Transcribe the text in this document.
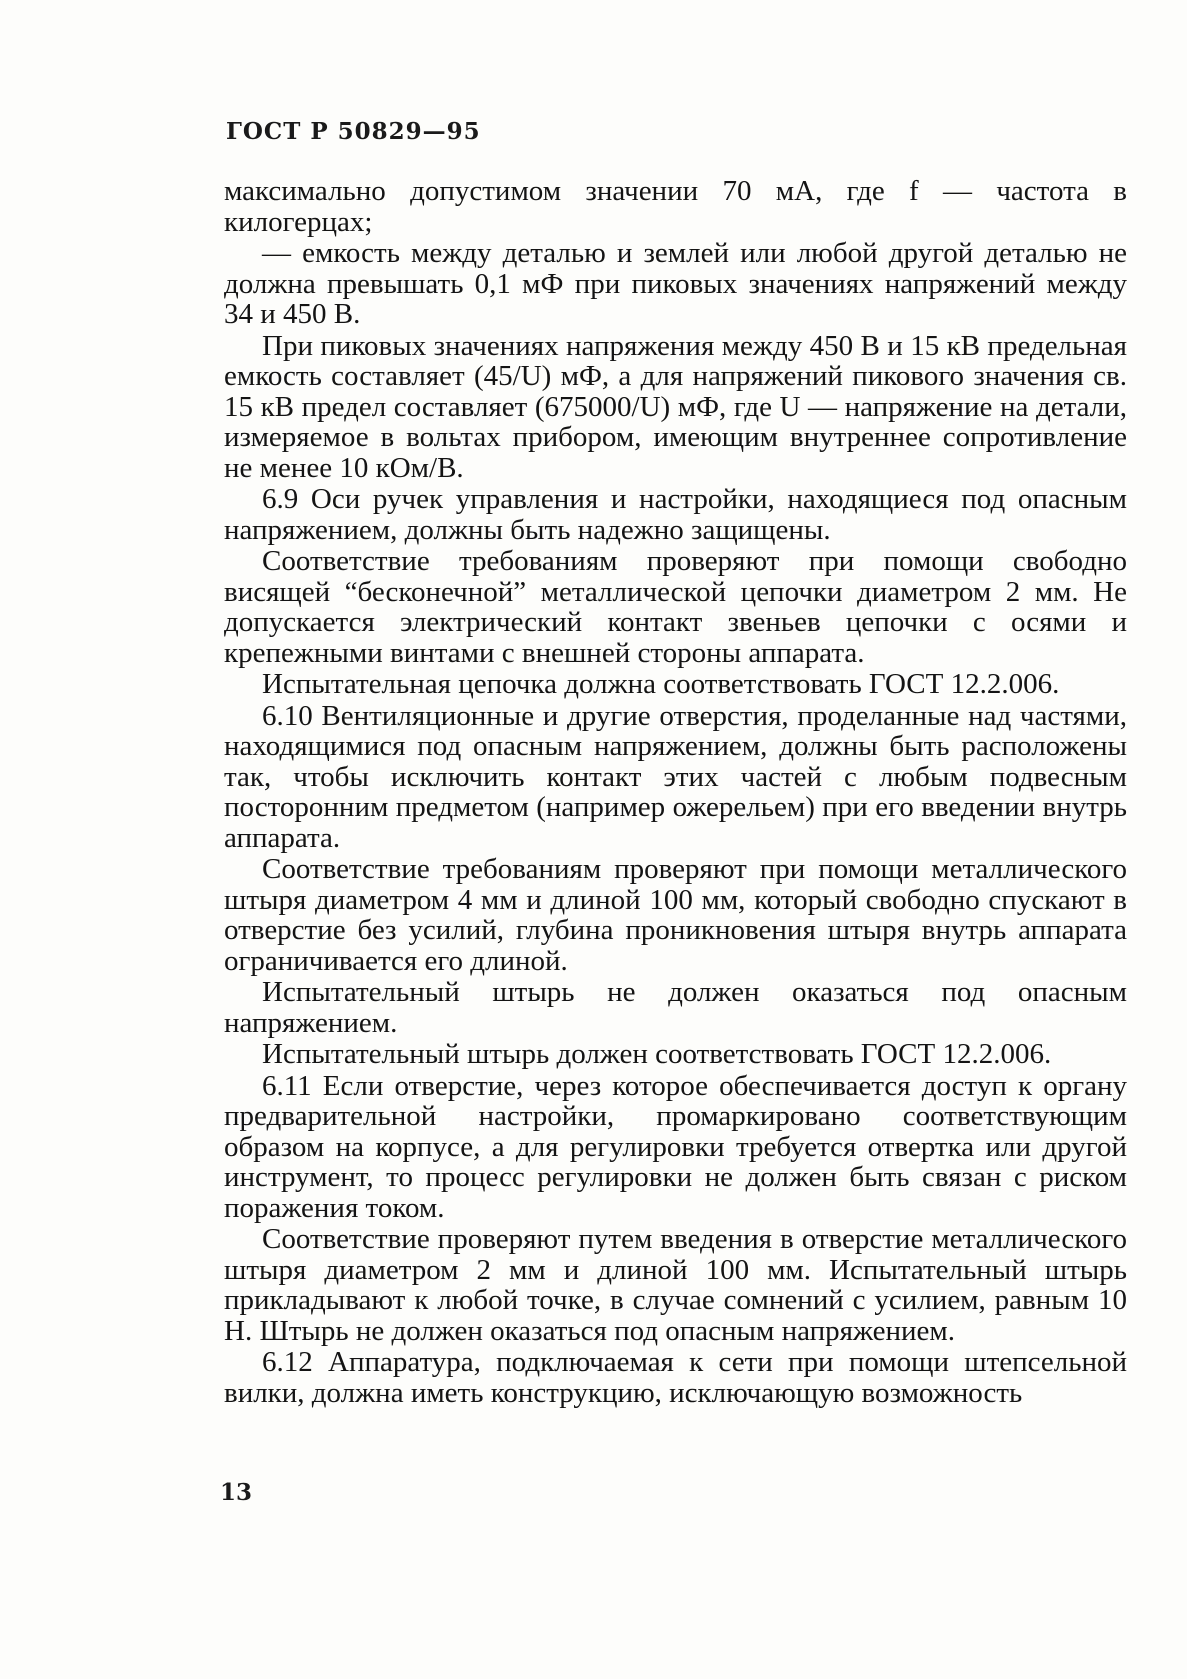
ГОСТ Р 50829—95

максимально допустимом значении 70 мА, где f — частота в килогерцах;

— емкость между деталью и землей или любой другой деталью не должна превышать 0,1 мФ при пиковых значениях напряжений между 34 и 450 В.

При пиковых значениях напряжения между 450 В и 15 кВ предельная емкость составляет (45/U) мФ, а для напряжений пикового значения св. 15 кВ предел составляет (675000/U) мФ, где U — напряжение на детали, измеряемое в вольтах прибором, имеющим внутреннее сопротивление не менее 10 кОм/В.

6.9 Оси ручек управления и настройки, находящиеся под опасным напряжением, должны быть надежно защищены.

Соответствие требованиям проверяют при помощи свободно висящей “бесконечной” металлической цепочки диаметром 2 мм. Не допускается электрический контакт звеньев цепочки с осями и крепежными винтами с внешней стороны аппарата.

Испытательная цепочка должна соответствовать ГОСТ 12.2.006.

6.10 Вентиляционные и другие отверстия, проделанные над частями, находящимися под опасным напряжением, должны быть расположены так, чтобы исключить контакт этих частей с любым подвесным посторонним предметом (например ожерельем) при его введении внутрь аппарата.

Соответствие требованиям проверяют при помощи металлического штыря диаметром 4 мм и длиной 100 мм, который свободно спускают в отверстие без усилий, глубина проникновения штыря внутрь аппарата ограничивается его длиной.

Испытательный штырь не должен оказаться под опасным напряжением.

Испытательный штырь должен соответствовать ГОСТ 12.2.006.

6.11 Если отверстие, через которое обеспечивается доступ к органу предварительной настройки, промаркировано соответствующим образом на корпусе, а для регулировки требуется отвертка или другой инструмент, то процесс регулировки не должен быть связан с риском поражения током.

Соответствие проверяют путем введения в отверстие металлического штыря диаметром 2 мм и длиной 100 мм. Испытательный штырь прикладывают к любой точке, в случае сомнений с усилием, равным 10 Н. Штырь не должен оказаться под опасным напряжением.

6.12 Аппаратура, подключаемая к сети при помощи штепсельной вилки, должна иметь конструкцию, исключающую возможность

13
